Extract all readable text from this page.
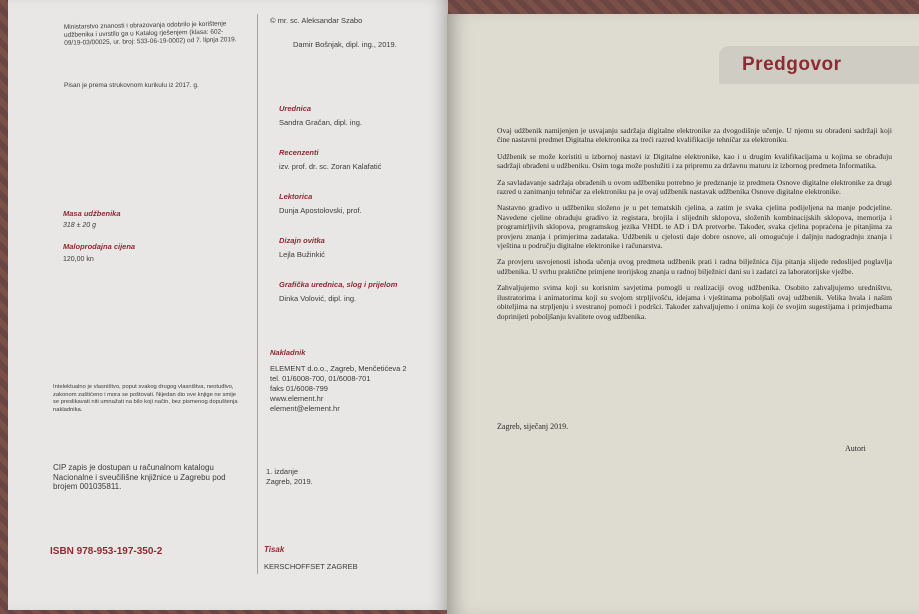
Ministarstvo znanosti i obrazovanja odobrilo je korištenje udžbenika i uvrstilo ga u Katalog rješenjem (klasa: 602-09/19-03/00025, ur. broj: 533-06-19-0002) od 7. lipnja 2019.
Pisan je prema strukovnom kurikulu iz 2017. g.
Masa udžbenika
318 ± 20 g
Maloprodajna cijena
120,00 kn
Intelektualno je vlasništvo, poput svakog drugog vlasništva, neotuđivo, zakonom zaštićeno i mora se poštovati. Nijedan dio ove knjige ne smije se preslikavati niti umnažati na bilo koji način, bez pismenog dopuštenja nakladnika.
CIP zapis je dostupan u računalnom katalogu Nacionalne i sveučilišne knjižnice u Zagrebu pod brojem 001035811.
ISBN 978-953-197-350-2
© mr. sc. Aleksandar Szabo
Damir Bošnjak, dipl. ing., 2019.
Urednica
Sandra Gračan, dipl. ing.
Recenzenti
izv. prof. dr. sc. Zoran Kalafatić
Lektorica
Dunja Apostolovski, prof.
Dizajn ovitka
Lejla Bužinkić
Grafička urednica, slog i prijelom
Dinka Volović, dipl. ing.
Nakladnik
ELEMENT d.o.o., Zagreb, Menčetićeva 2
tel. 01/6008-700, 01/6008-701
faks 01/6008-799
www.element.hr
element@element.hr
1. izdanje
Zagreb, 2019.
Tisak
KERSCHOFFSET ZAGREB
Predgovor

Ovaj udžbenik namijenjen je usvajanju sadržaja digitalne elektronike za dvogodišnje učenje. U njemu su obrađeni sadržaji koji čine nastavni predmet Digitalna elektronika za treći razred kvalifikacije tehničar za elektroniku.

Udžbenik se može koristiti u izbornoj nastavi iz Digitalne elektronike, kao i u drugim kvalifikacijama u kojima se obrađuju sadržaji obrađeni u udžbeniku. Osim toga može poslužiti i za pripremu za državnu maturu iz izbornog predmeta Informatika.

Za savladavanje sadržaja obrađenih u ovom udžbeniku potrebno je predznanje iz predmeta Osnove digitalne elektronike za drugi razred u zanimanju tehničar za elektroniku pa je ovaj udžbenik nastavak udžbenika Osnove digitalne elektronike.

Nastavno gradivo u udžbeniku složeno je u pet tematskih cjelina, a zatim je svaka cjelina podijeljena na manje podcjeline. Navedene cjeline obrađuju gradivo iz registara, brojila i slijednih sklopova, složenih kombinacijskih sklopova, memorija i programirljivih sklopova, programskog jezika VHDL te AD i DA pretvorbe. Također, svaka cjelina popraćena je pitanjima za provjeru znanja i primjerima zadataka. Udžbenik u cjelosti daje dobre osnove, ali omogućuje i daljnju nadogradnju znanja i vještina u području digitalne elektronike i računarstva.

Za provjeru usvojenosti ishoda učenja ovog predmeta udžbenik prati i radna bilježnica čija pitanja slijede redoslijed poglavlja udžbenika. U svrhu praktične primjene teorijskog znanja u radnoj bilježnici dani su i zadatci za laboratorijske vježbe.

Zahvaljujemo svima koji su korisnim savjetima pomogli u realizaciji ovog udžbenika. Osobito zahvaljujemo uredništvu, ilustratorima i animatorima koji su svojom strpljivošću, idejama i vještinama poboljšali ovaj udžbenik. Velika hvala i našim obiteljima na strpljenju i svestranoj pomoći i podršci. Također zahvaljujemo i onima koji će svojim sugestijama i primjedbama doprinijeti poboljšanju kvalitete ovog udžbenika.

Zagreb, siječanj 2019.
Autori
